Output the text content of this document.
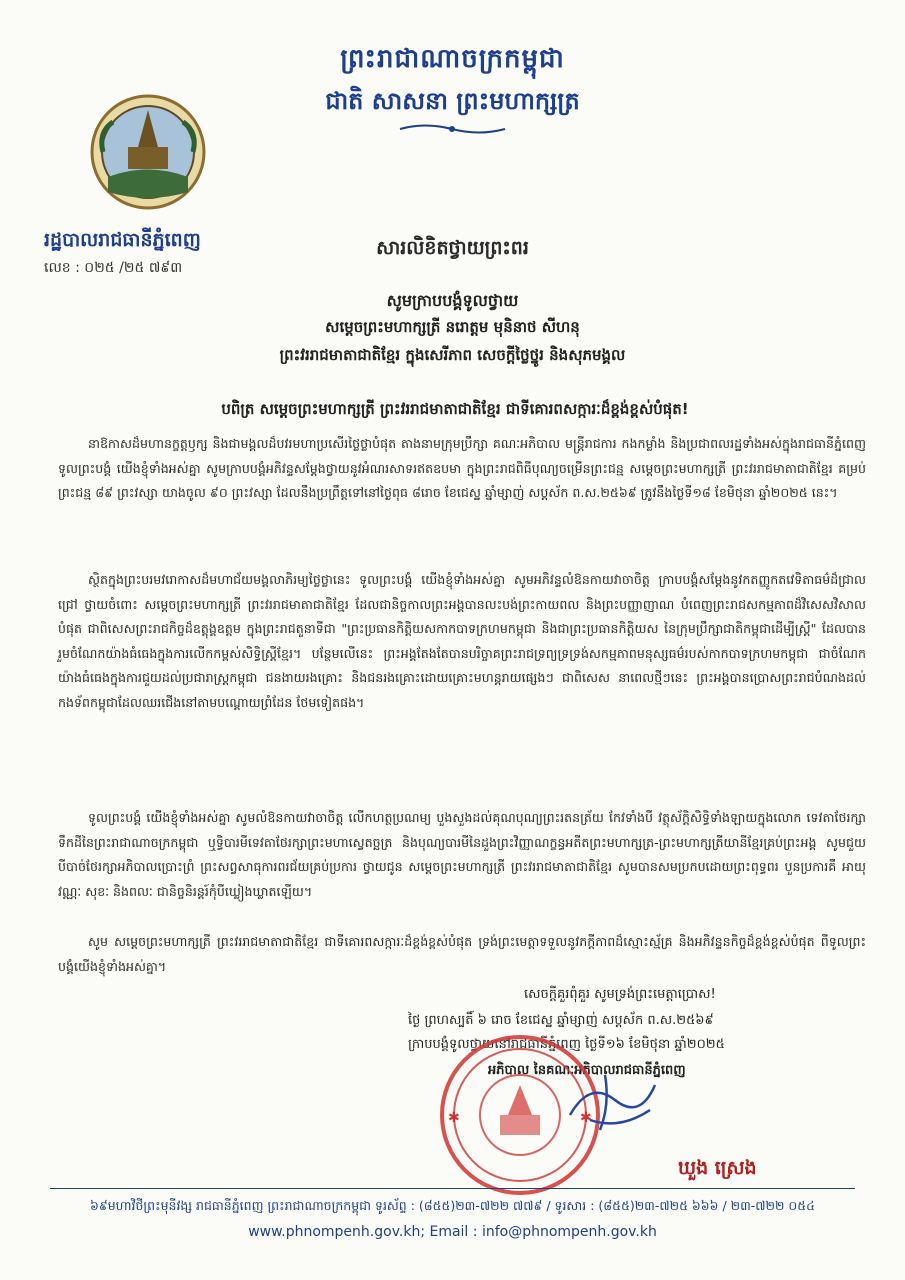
ព្រះរាជាណាចក្រកម្ពុជា
ជាតិ សាសនា ព្រះមហាក្សត្រ
រដ្ឋបាលរាជធានីភ្នំពេញ
លេខ : ០២៥ /២៥ ៧៩៣
សារលិខិតថ្វាយព្រះពរ
សូមក្រាបបង្គំទូលថ្វាយ
សម្តេចព្រះមហាក្សត្រី នរោត្តម មុនិនាថ សីហនុ
ព្រះវររាជមាតាជាតិខ្មែរ ក្នុងសេរីភាព សេចក្តីថ្លៃថ្នូរ និងសុភមង្គល
បពិត្រ សម្តេចព្រះមហាក្សត្រី ព្រះវររាជមាតាជាតិខ្មែរ ជាទីគោរពសក្ការៈដ៏ខ្ពង់ខ្ពស់បំផុត!
នាឱកាសដ៏មហានក្ខត្តឫក្ស និងជាមង្គលដ៏បវរមហាប្រសើរថ្លៃថ្លាបំផុត តាងនាមក្រុមប្រឹក្សា គណៈអភិបាល មន្ត្រីរាជការ កងកម្លាំង និងប្រជាពលរដ្ឋទាំងអស់ក្នុងរាជធានីភ្នំពេញ ទូលព្រះបង្គំ យើងខ្ញុំទាំងអស់គ្នា សូមក្រាបបង្គំអភិវន្ទសម្តែងថ្វាយនូវអំណរសាទរឥតឧបមា ក្នុងព្រះរាជពិធីបុណ្យចម្រើនព្រះជន្ម សម្តេចព្រះមហាក្សត្រី ព្រះវររាជមាតាជាតិខ្មែរ គម្រប់ព្រះជន្ម ៨៩ ព្រះវស្សា យាងចូល ៩០ ព្រះវស្សា ដែលនឹងប្រព្រឹត្តទៅនៅថ្ងៃពុធ ៨រោច ខែជេស្ឋ ឆ្នាំម្សាញ់ សប្តស័ក ព.ស.២៥៦៩ ត្រូវនឹងថ្ងៃទី១៨ ខែមិថុនា ឆ្នាំ២០២៥ នេះ។
ស្ថិតក្នុងព្រះបរមវរោកាសដ៏មហាជ័យមង្គលាភិរម្យថ្លៃថ្លានេះ ទូលព្រះបង្គំ យើងខ្ញុំទាំងអស់គ្នា សូមអភិវន្ទលំឱនកាយវាចាចិត្ត ក្រាបបង្គំសម្តែងនូវកតញ្ញូកតវេទិតាធម៌ដ៏ជ្រាលជ្រៅ ថ្វាយចំពោះ សម្តេចព្រះមហាក្សត្រី ព្រះវររាជមាតាជាតិខ្មែរ ដែលជានិច្ចកាលព្រះអង្គបានលះបង់ព្រះកាយពល និងព្រះបញ្ញាញាណ បំពេញព្រះរាជសកម្មភាពដ៏វិសេសវិសាលបំផុត ជាពិសេសព្រះរាជកិច្ចដ៏ឧត្តុង្គឧត្តម ក្នុងព្រះរាជតួនាទីជា "ព្រះប្រធានកិត្តិយសកាកបាទក្រហមកម្ពុជា និងជាព្រះប្រធានកិត្តិយស នៃក្រុមប្រឹក្សាជាតិកម្ពុជាដើម្បីស្ត្រី" ដែលបានរួមចំណែកយ៉ាងធំធេងក្នុងការលើកកម្ពស់សិទ្ធិស្ត្រីខ្មែរ។ បន្ថែមលើនេះ ព្រះអង្គតែងតែបានបរិច្ចាគព្រះរាជទ្រព្យទ្រទ្រង់សកម្មភាពមនុស្សធម៌របស់កាកបាទក្រហមកម្ពុជា ជាចំណែកយ៉ាងធំធេងក្នុងការជួយដល់ប្រជារាស្ត្រកម្ពុជា ជនងាយរងគ្រោះ និងជនរងគ្រោះដោយគ្រោះមហន្តរាយផ្សេងៗ ជាពិសេស នាពេលថ្មីៗនេះ ព្រះអង្គបានប្រោសព្រះរាជបំណងដល់កងទ័ពកម្ពុជាដែលឈរជើងនៅតាមបណ្តោយព្រំដែន ថែមទៀតផង។
ទូលព្រះបង្គំ យើងខ្ញុំទាំងអស់គ្នា សូមលំឱនកាយវាចាចិត្ត លើកហត្ថប្រណម្យ បួងសួងដល់គុណបុណ្យព្រះរតនត្រ័យ កែវទាំងបី វត្ថុស័ក្តិសិទ្ធិទាំងឡាយក្នុងលោក ទេវតាថែរក្សាទឹកដីនៃព្រះរាជាណាចក្រកម្ពុជា ឬទ្ធិបារមីទេវតាថែរក្សាព្រះមហាស្វេតច្ឆត្រ និងបុណ្យបារមីនៃដួងព្រះវិញ្ញាណក្ខន្ធអតីតព្រះមហាក្សត្រ-ព្រះមហាក្សត្រីយានីខ្មែរគ្រប់ព្រះអង្គ សូមជួយបីបាច់ថែរក្សាអភិបាលប្រោះព្រំ ព្រះសព្វសាធុការពរជ័យគ្រប់ប្រការ ថ្វាយជូន សម្តេចព្រះមហាក្សត្រី ព្រះវររាជមាតាជាតិខ្មែរ សូមបានសមប្រកបដោយព្រះពុទ្ធពរ បួនប្រការគឺ អាយុ វណ្ណៈ សុខៈ និងពលៈ ជានិច្ចនិរន្តរ៍កុំបីឃ្លៀងឃ្លាតឡើយ។
សូម សម្តេចព្រះមហាក្សត្រី ព្រះវររាជមាតាជាតិខ្មែរ ជាទីគោរពសក្ការៈដ៏ខ្ពង់ខ្ពស់បំផុត ទ្រង់ព្រះមេត្តាទទួលនូវភក្តីភាពដ៏ស្មោះស្ម័គ្រ និងអភិវន្ទនកិច្ចដ៏ខ្ពង់ខ្ពស់បំផុត ពីទូលព្រះបង្គំយើងខ្ញុំទាំងអស់គ្នា។
សេចក្តីគួរពុំគួរ សូមទ្រង់ព្រះមេត្តាប្រោស!
ថ្ងៃ ព្រហស្បតិ៍ ៦ រោច ខែជេស្ឋ ឆ្នាំម្សាញ់ សប្តស័ក ព.ស.២៥៦៩
ក្រាបបង្គំទូលថ្វាយនៅរាជធានីភ្នំពេញ ថ្ងៃទី១៦ ខែមិថុនា ឆ្នាំ២០២៥
អភិបាល នៃគណៈអភិបាលរាជធានីភ្នំពេញ
✱	✱
ឃួង ស្រេង
៦៩មហាវិថីព្រះមុនីវង្ស រាជធានីភ្នំពេញ ព្រះរាជាណាចក្រកម្ពុជា ទូរស័ព្ទ : (៨៥៥)២៣-៧២២ ៧៧៩ / ទូរសារ : (៨៥៥)២៣-៧២៥ ៦៦៦ / ២៣-៧២២ ០៥៤
www.phnompenh.gov.kh; Email : info@phnompenh.gov.kh
